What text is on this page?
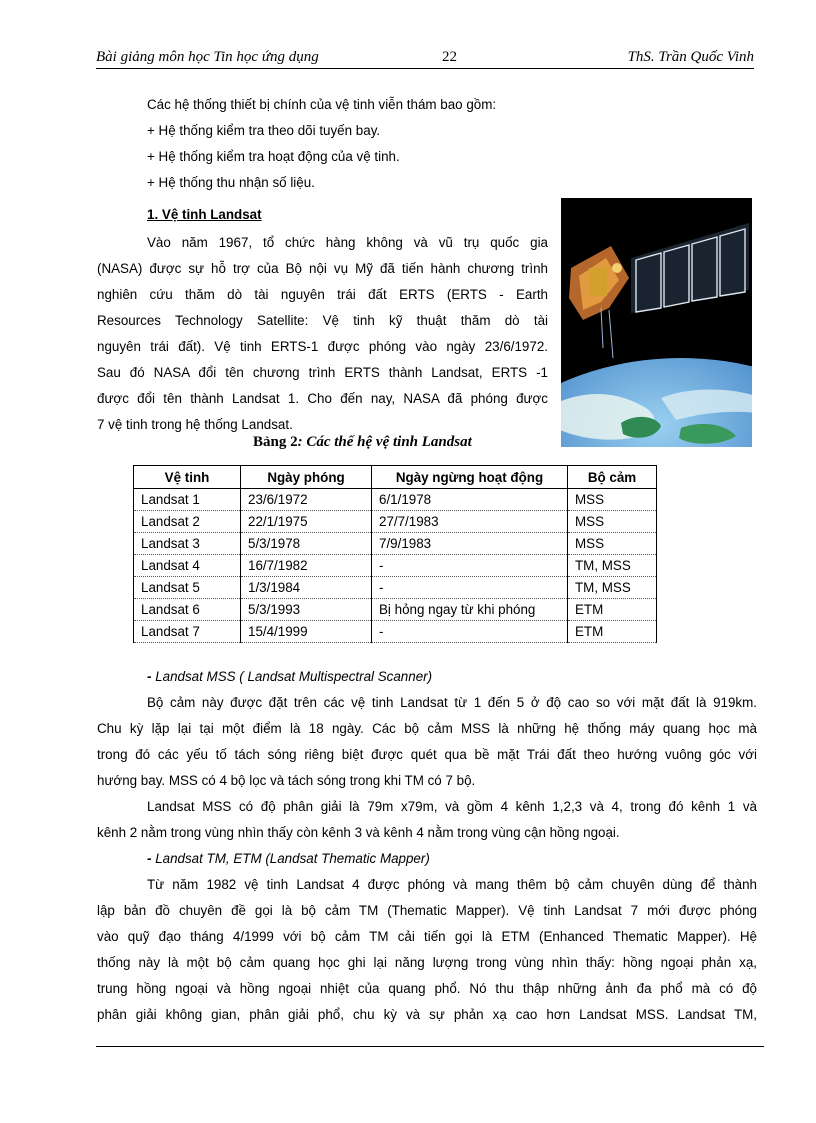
Bài giảng môn học Tin học ứng dụng	22	ThS. Trần Quốc Vinh
Các hệ thống thiết bị chính của vệ tinh viễn thám bao gồm:
+ Hệ thống kiểm tra theo dõi tuyến bay.
+ Hệ thống kiểm tra hoạt động của vệ tinh.
+ Hệ thống thu nhận số liệu.
1. Vệ tinh Landsat
Vào năm 1967, tổ chức hàng không và vũ trụ quốc gia
(NASA) được sự hỗ trợ của Bộ nội vụ Mỹ đã tiến hành chương trình
nghiên cứu thăm dò tài nguyên trái đất ERTS (ERTS - Earth
Resources Technology Satellite: Vệ tinh kỹ thuật thăm dò tài
nguyên trái đất). Vệ tinh ERTS-1 được phóng vào ngày 23/6/1972.
Sau đó NASA đổi tên chương trình ERTS thành Landsat, ERTS -1
được đổi tên thành Landsat 1. Cho đến nay, NASA đã phóng được
7 vệ tinh trong hệ thống Landsat.
Bảng 2: Các thế hệ vệ tinh Landsat
Vệ tinh	Ngày phóng	Ngày ngừng hoạt động	Bộ cảm
Landsat 1	23/6/1972	6/1/1978	MSS
Landsat 2	22/1/1975	27/7/1983	MSS
Landsat 3	5/3/1978	7/9/1983	MSS
Landsat 4	16/7/1982	-	TM, MSS
Landsat 5	1/3/1984	-	TM, MSS
Landsat 6	5/3/1993	Bị hỏng ngay từ khi phóng	ETM
Landsat 7	15/4/1999	-	ETM
- Landsat MSS ( Landsat Multispectral Scanner)
Bộ cảm này được đặt trên các vệ tinh Landsat từ 1 đến 5 ở độ cao so với mặt đất là 919km.
Chu kỳ lặp lại tại một điểm là 18 ngày. Các bộ cảm MSS là những hệ thống máy quang học mà
trong đó các yếu tố tách sóng riêng biệt được quét qua bề mặt Trái đất theo hướng vuông góc với
hướng bay. MSS có 4 bộ lọc và tách sóng trong khi TM có 7 bộ.
Landsat MSS có độ phân giải là 79m x79m, và gồm 4 kênh 1,2,3 và 4, trong đó kênh 1 và
kênh 2 nằm trong vùng nhìn thấy còn kênh 3 và kênh 4 nằm trong vùng cận hồng ngoại.
- Landsat TM, ETM (Landsat Thematic Mapper)
Từ năm 1982 vệ tinh Landsat 4 được phóng và mang thêm bộ cảm chuyên dùng để thành
lập bản đồ chuyên đề gọi là bộ cảm TM (Thematic Mapper). Vệ tinh Landsat 7 mới được phóng
vào quỹ đạo tháng 4/1999 với bộ cảm TM cải tiến gọi là ETM (Enhanced Thematic Mapper). Hệ
thống này là một bộ cảm quang học ghi lại năng lượng trong vùng nhìn thấy: hồng ngoại phản xạ,
trung hồng ngoại và hồng ngoại nhiệt của quang phổ. Nó thu thập những ảnh đa phổ mà có độ
phân giải không gian, phân giải phổ, chu kỳ và sự phản xạ cao hơn Landsat MSS. Landsat TM,
